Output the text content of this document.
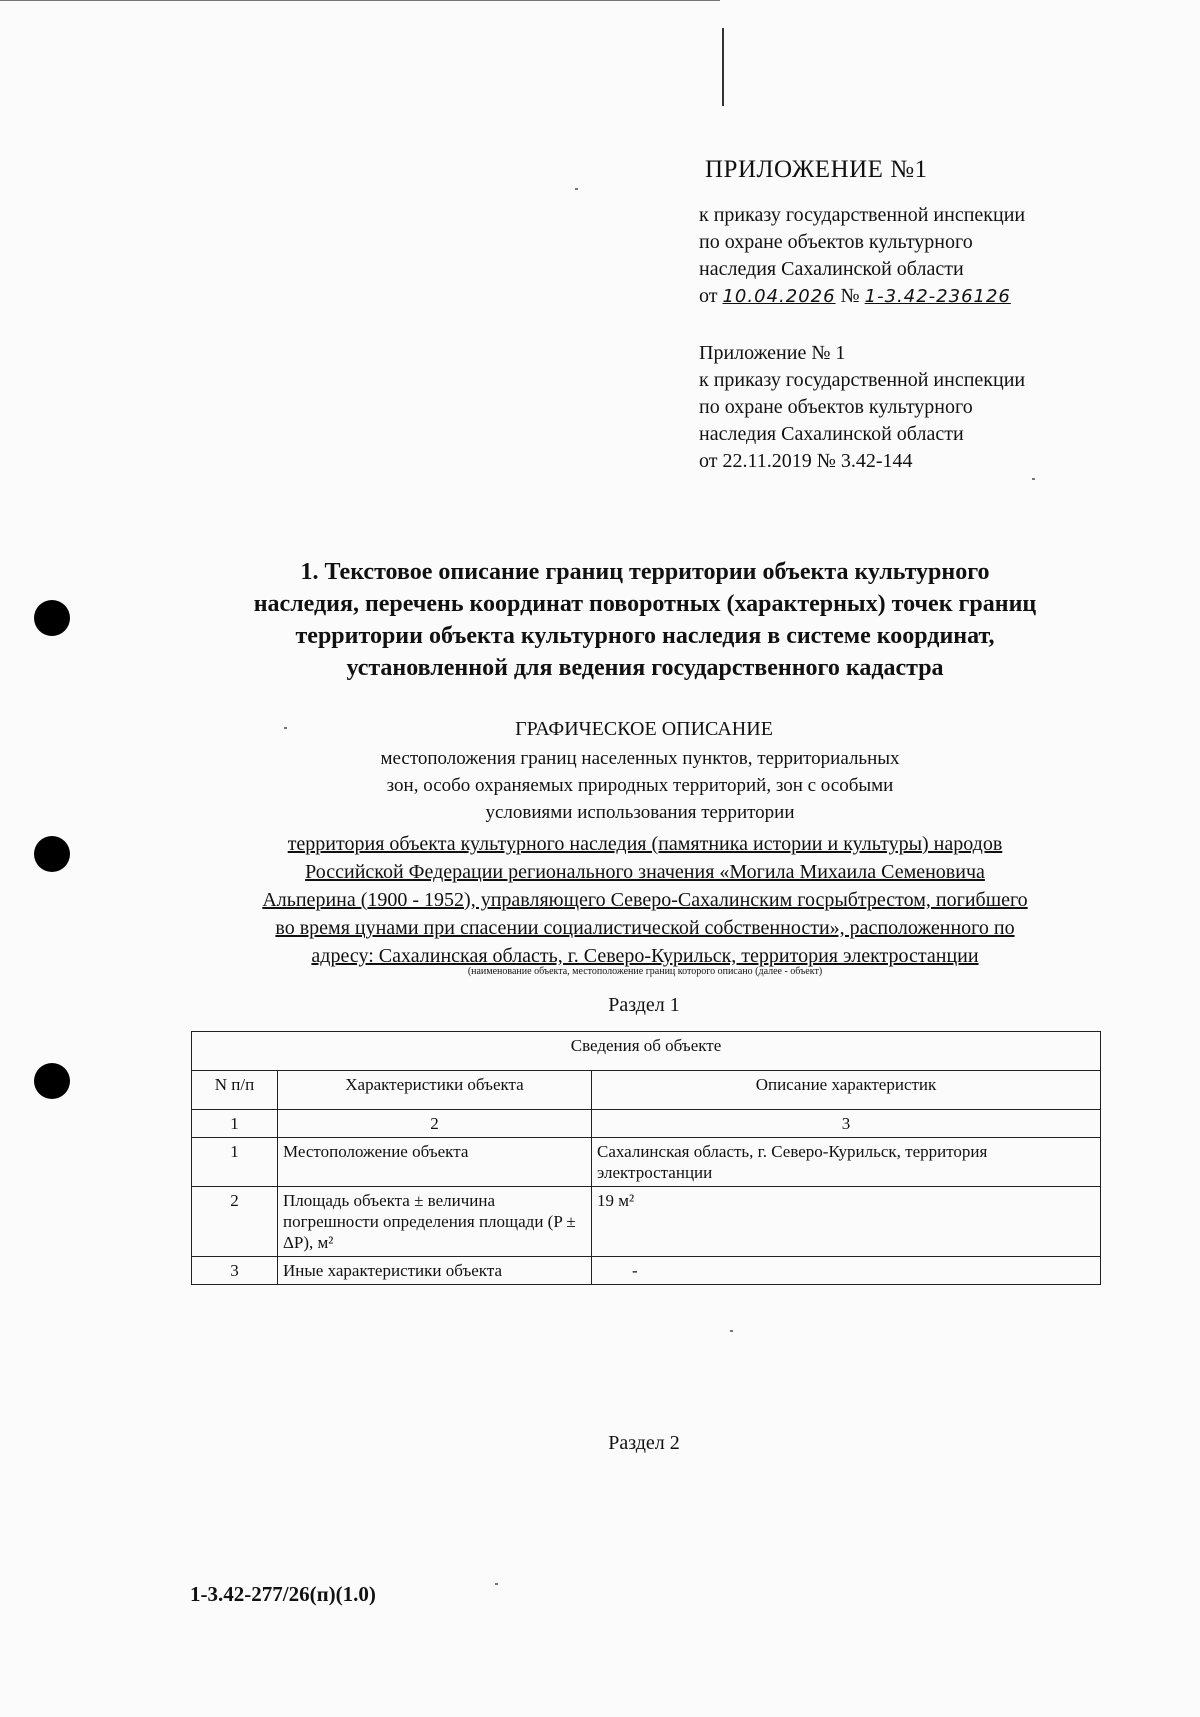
ПРИЛОЖЕНИЕ №1
к приказу государственной инспекции
по охране объектов культурного
наследия Сахалинской области
от 10.04.2026 № 1-3.42-236126
Приложение № 1
к приказу государственной инспекции
по охране объектов культурного
наследия Сахалинской области
от 22.11.2019 № 3.42-144
1. Текстовое описание границ территории объекта культурного
наследия, перечень координат поворотных (характерных) точек границ
территории объекта культурного наследия в системе координат,
установленной для ведения государственного кадастра
ГРАФИЧЕСКОЕ ОПИСАНИЕ
местоположения границ населенных пунктов, территориальных
зон, особо охраняемых природных территорий, зон с особыми
условиями использования территории
территория объекта культурного наследия (памятника истории и культуры) народов
Российской Федерации регионального значения «Могила Михаила Семеновича
Альперина (1900 - 1952), управляющего Северо-Сахалинским госрыбтрестом, погибшего
во время цунами при спасении социалистической собственности», расположенного по
адресу: Сахалинская область, г. Северо-Курильск, территория электростанции
(наименование объекта, местоположение границ которого описано (далее - объект)
Раздел 1
Сведения об объекте		
N п/п	Характеристики объекта	Описание характеристик
1	2	3
1	Местоположение объекта	Сахалинская область, г. Северо-Курильск, территория электростанции
2	Площадь объекта ± величина погрешности определения площади (P ± ΔP), м²	19 м²
3	Иные характеристики объекта	-
Раздел 2
1-3.42-277/26(п)(1.0)
